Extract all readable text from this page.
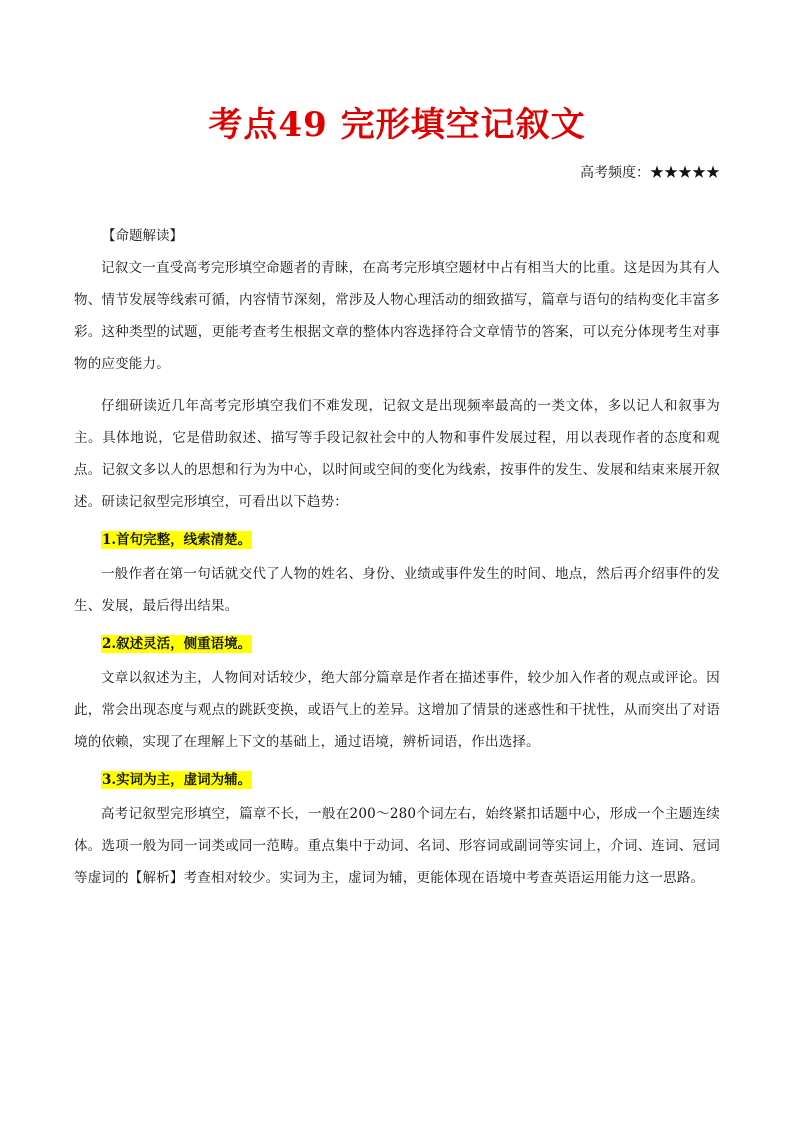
考点49 完形填空记叙文
高考频度：★★★★★
【命题解读】

记叙文一直受高考完形填空命题者的青睐，在高考完形填空题材中占有相当大的比重。这是因为其有人物、情节发展等线索可循，内容情节深刻，常涉及人物心理活动的细致描写，篇章与语句的结构变化丰富多彩。这种类型的试题，更能考查考生根据文章的整体内容选择符合文章情节的答案，可以充分体现考生对事物的应变能力。

仔细研读近几年高考完形填空我们不难发现，记叙文是出现频率最高的一类文体，多以记人和叙事为主。具体地说，它是借助叙述、描写等手段记叙社会中的人物和事件发展过程，用以表现作者的态度和观点。记叙文多以人的思想和行为为中心，以时间或空间的变化为线索，按事件的发生、发展和结束来展开叙述。研读记叙型完形填空，可看出以下趋势：

1.首句完整，线索清楚。

一般作者在第一句话就交代了人物的姓名、身份、业绩或事件发生的时间、地点，然后再介绍事件的发生、发展，最后得出结果。

2.叙述灵活，侧重语境。

文章以叙述为主，人物间对话较少，绝大部分篇章是作者在描述事件，较少加入作者的观点或评论。因此，常会出现态度与观点的跳跃变换，或语气上的差异。这增加了情景的迷惑性和干扰性，从而突出了对语境的依赖，实现了在理解上下文的基础上，通过语境，辨析词语，作出选择。

3.实词为主，虚词为辅。

高考记叙型完形填空，篇章不长，一般在200～280个词左右，始终紧扣话题中心，形成一个主题连续体。选项一般为同一词类或同一范畴。重点集中于动词、名词、形容词或副词等实词上，介词、连词、冠词等虚词的【解析】考查相对较少。实词为主，虚词为辅，更能体现在语境中考查英语运用能力这一思路。
